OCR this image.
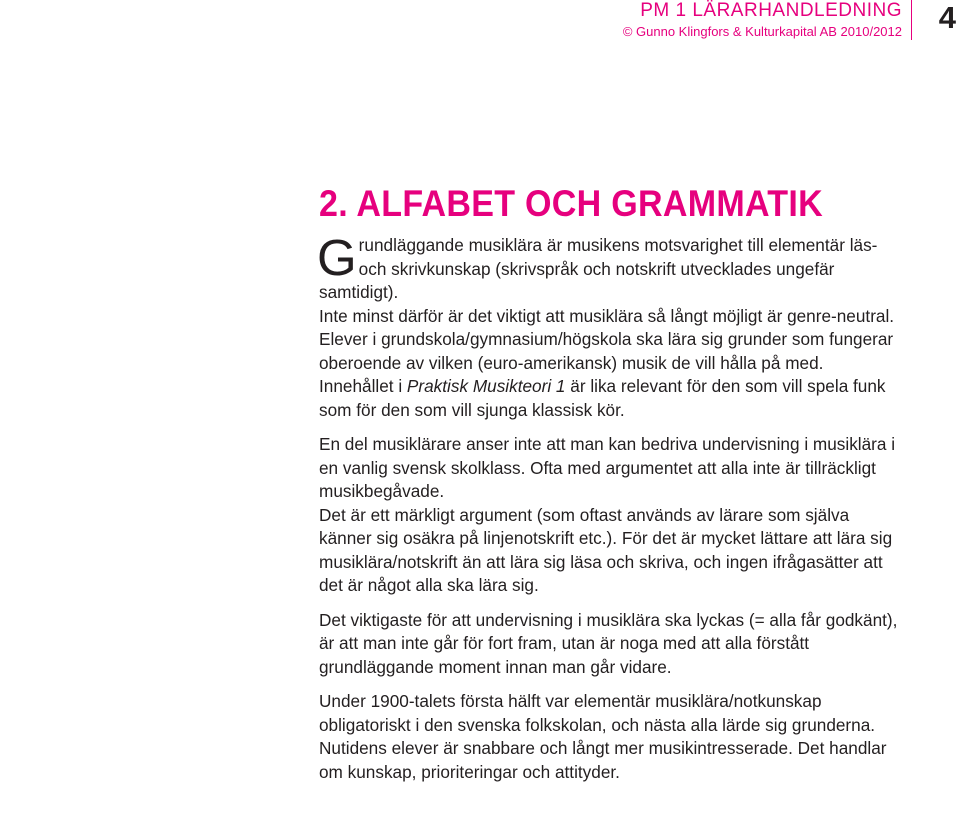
PM 1 LÄRARHANDLEDNING
© Gunno Klingfors & Kulturkapital AB 2010/2012 4
2. ALFABET OCH GRAMMATIK

Grundläggande musiklära är musikens motsvarighet till elementär läs- och skrivkunskap (skrivspråk och notskrift utvecklades ungefär samtidigt).

Inte minst därför är det viktigt att musiklära så långt möjligt är genre-neutral. Elever i grundskola/gymnasium/högskola ska lära sig grunder som fungerar oberoende av vilken (euro-amerikansk) musik de vill hålla på med.

Innehållet i Praktisk Musikteori 1 är lika relevant för den som vill spela funk som för den som vill sjunga klassisk kör.

En del musiklärare anser inte att man kan bedriva undervisning i musiklära i en vanlig svensk skolklass. Ofta med argumentet att alla inte är tillräckligt musikbegåvade.

Det är ett märkligt argument (som oftast används av lärare som själva känner sig osäkra på linjenotskrift etc.). För det är mycket lättare att lära sig musiklära/notskrift än att lära sig läsa och skriva, och ingen ifrågasätter att det är något alla ska lära sig.

Det viktigaste för att undervisning i musiklära ska lyckas (= alla får godkänt), är att man inte går för fort fram, utan är noga med att alla förstått grundläggande moment innan man går vidare.

Under 1900-talets första hälft var elementär musiklära/notkunskap obligatoriskt i den svenska folkskolan, och nästa alla lärde sig grunderna.

Nutidens elever är snabbare och långt mer musikintresserade. Det handlar om kunskap, prioriteringar och attityder.
